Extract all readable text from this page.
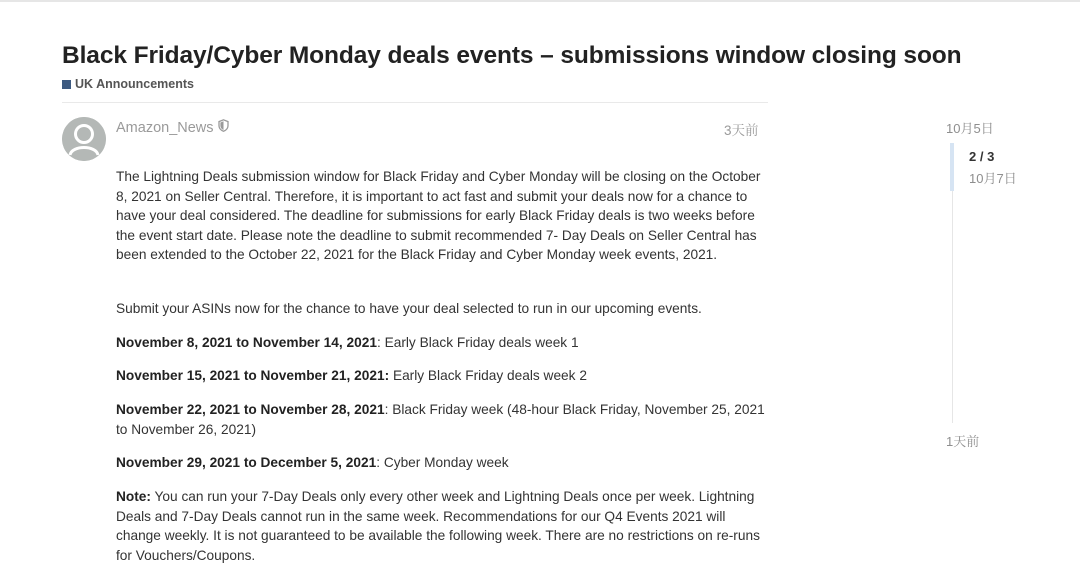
Black Friday/Cyber Monday deals events – submissions window closing soon
UK Announcements
Amazon_News	3天前

The Lightning Deals submission window for Black Friday and Cyber Monday will be closing on the October 8, 2021 on Seller Central. Therefore, it is important to act fast and submit your deals now for a chance to have your deal considered. The deadline for submissions for early Black Friday deals is two weeks before the event start date. Please note the deadline to submit recommended 7- Day Deals on Seller Central has been extended to the October 22, 2021 for the Black Friday and Cyber Monday week events, 2021.

Submit your ASINs now for the chance to have your deal selected to run in our upcoming events.

November 8, 2021 to November 14, 2021: Early Black Friday deals week 1

November 15, 2021 to November 21, 2021: Early Black Friday deals week 2

November 22, 2021 to November 28, 2021: Black Friday week (48-hour Black Friday, November 25, 2021 to November 26, 2021)

November 29, 2021 to December 5, 2021: Cyber Monday week

Note: You can run your 7-Day Deals only every other week and Lightning Deals once per week. Lightning Deals and 7-Day Deals cannot run in the same week. Recommendations for our Q4 Events 2021 will change weekly. It is not guaranteed to be available the following week. There are no restrictions on re-runs for Vouchers/Coupons.

10月5日
2 / 3
10月7日
1天前
